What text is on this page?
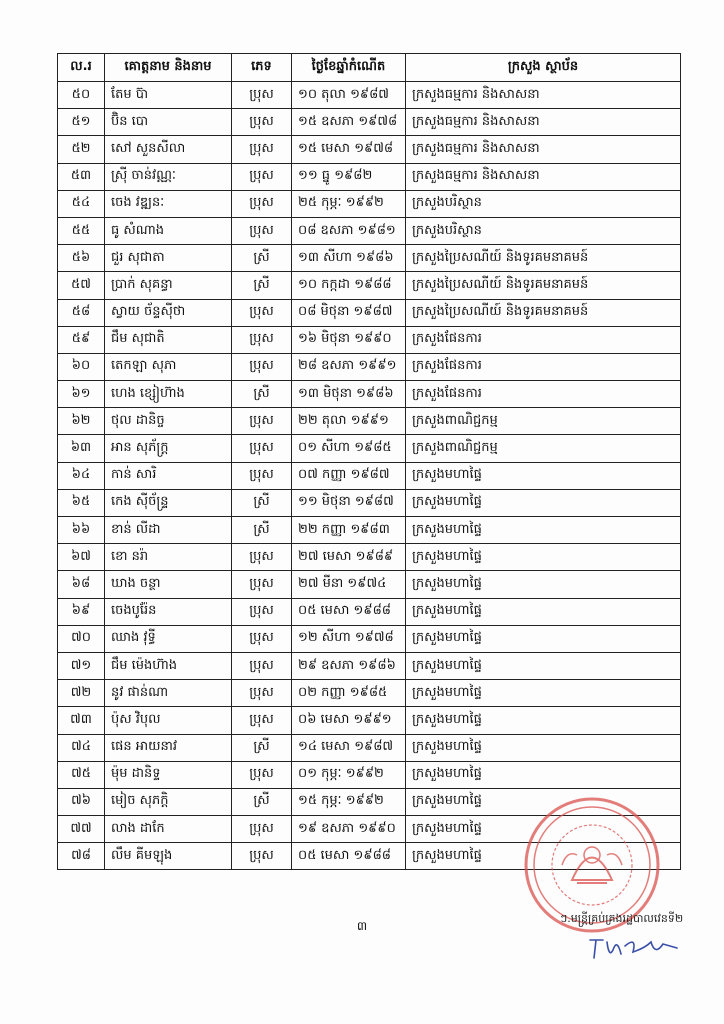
ល.រ	គោត្តនាម និងនាម	ភេទ	ថ្ងៃខែឆ្នាំកំណើត	ក្រសួង ស្ថាប័ន
៥០	តែម ប៊ា	ប្រុស	១០ តុលា ១៩៨៧	ក្រសួងធម្មការ និងសាសនា
៥១	ប៊ិន បោ	ប្រុស	១៥ ឧសភា ១៩៧៨	ក្រសួងធម្មការ និងសាសនា
៥២	សៅ សួនសីលា	ប្រុស	១៥ មេសា ១៩៧៨	ក្រសួងធម្មការ និងសាសនា
៥៣	ស៊្រី ចាន់វណ្ណៈ	ប្រុស	១១ ធ្នូ ១៩៨២	ក្រសួងធម្មការ និងសាសនា
៥៤	ចេង វឌ្ឍនៈ	ប្រុស	២៥ កុម្ភៈ ១៩៩២	ក្រសួងបរិស្ថាន
៥៥	ធូ សំណាង	ប្រុស	០៨ ឧសភា ១៩៨១	ក្រសួងបរិស្ថាន
៥៦	ជួរ សុជាតា	ស្រី	១៣ សីហា ១៩៨៦	ក្រសួងប្រៃសណីយ៍ និងទូរគមនាគមន៍
៥៧	ប្រាក់ សុគន្ធា	ស្រី	១០ កក្កដា ១៩៨៨	ក្រសួងប្រៃសណីយ៍ និងទូរគមនាគមន៍
៥៨	ស្វាយ ច័ន្ទស៊ីថា	ប្រុស	០៨ មិថុនា ១៩៨៧	ក្រសួងប្រៃសណីយ៍ និងទូរគមនាគមន៍
៥៩	ជឹម សុជាតិ	ប្រុស	១៦ មិថុនា ១៩៩០	ក្រសួងផែនការ
៦០	តេកឡា សុភា	ប្រុស	២៨ ឧសភា ១៩៩១	ក្រសួងផែនការ
៦១	ហេង ខ្សៀហ៊ាង	ស្រី	១៣ មិថុនា ១៩៨៦	ក្រសួងផែនការ
៦២	ថុល ដានិច្ច	ប្រុស	២២ តុលា ១៩៩១	ក្រសួងពាណិជ្ជកម្ម
៦៣	អាន សុភ័ក្ត្រ	ប្រុស	០១ សីហា ១៩៨៥	ក្រសួងពាណិជ្ជកម្ម
៦៤	កាន់ សារិ	ប្រុស	០៧ កញ្ញា ១៩៨៧	ក្រសួងមហាផ្ទៃ
៦៥	កេង ស៊ីច័ន្ទ្រ	ស្រី	១១ មិថុនា ១៩៨៧	ក្រសួងមហាផ្ទៃ
៦៦	ខាន់ លីដា	ស្រី	២២ កញ្ញា ១៩៨៣	ក្រសួងមហាផ្ទៃ
៦៧	ខោ នរ៉ា	ប្រុស	២៧ មេសា ១៩៨៩	ក្រសួងមហាផ្ទៃ
៦៨	ឃាង ចន្ថា	ប្រុស	២៧ មីនា ១៩៧៤	ក្រសួងមហាផ្ទៃ
៦៩	ចេងបូរ៉ែន	ប្រុស	០៥ មេសា ១៩៨៨	ក្រសួងមហាផ្ទៃ
៧០	ឈាង វុទ្ធី	ប្រុស	១២ សីហា ១៩៧៨	ក្រសួងមហាផ្ទៃ
៧១	ជឹម ម៉េងហ៊ាង	ប្រុស	២៩ ឧសភា ១៩៨៦	ក្រសួងមហាផ្ទៃ
៧២	នូវ ផាន់ណា	ប្រុស	០២ កញ្ញា ១៩៨៥	ក្រសួងមហាផ្ទៃ
៧៣	ប៉ុស វិបុល	ប្រុស	០៦ មេសា ១៩៩១	ក្រសួងមហាផ្ទៃ
៧៤	ផេន អាយនាវ	ស្រី	១៤ មេសា ១៩៨៧	ក្រសួងមហាផ្ទៃ
៧៥	ម៉ុម ដានិទ្ទ	ប្រុស	០១ កុម្ភៈ ១៩៩២	ក្រសួងមហាផ្ទៃ
៧៦	មៀច សុភក្តិ	ស្រី	១៥ កុម្ភៈ ១៩៩២	ក្រសួងមហាផ្ទៃ
៧៧	លាង ដាកែ	ប្រុស	១៩ ឧសភា ១៩៩០	ក្រសួងមហាផ្ទៃ
៧៨	លឹម គីមឡុង	ប្រុស	០៥ មេសា ១៩៨៨	ក្រសួងមហាផ្ទៃ
៣
ៗ.មន្ត្រីគ្រប់គ្រងរដ្ឋបាលវេនទី២
